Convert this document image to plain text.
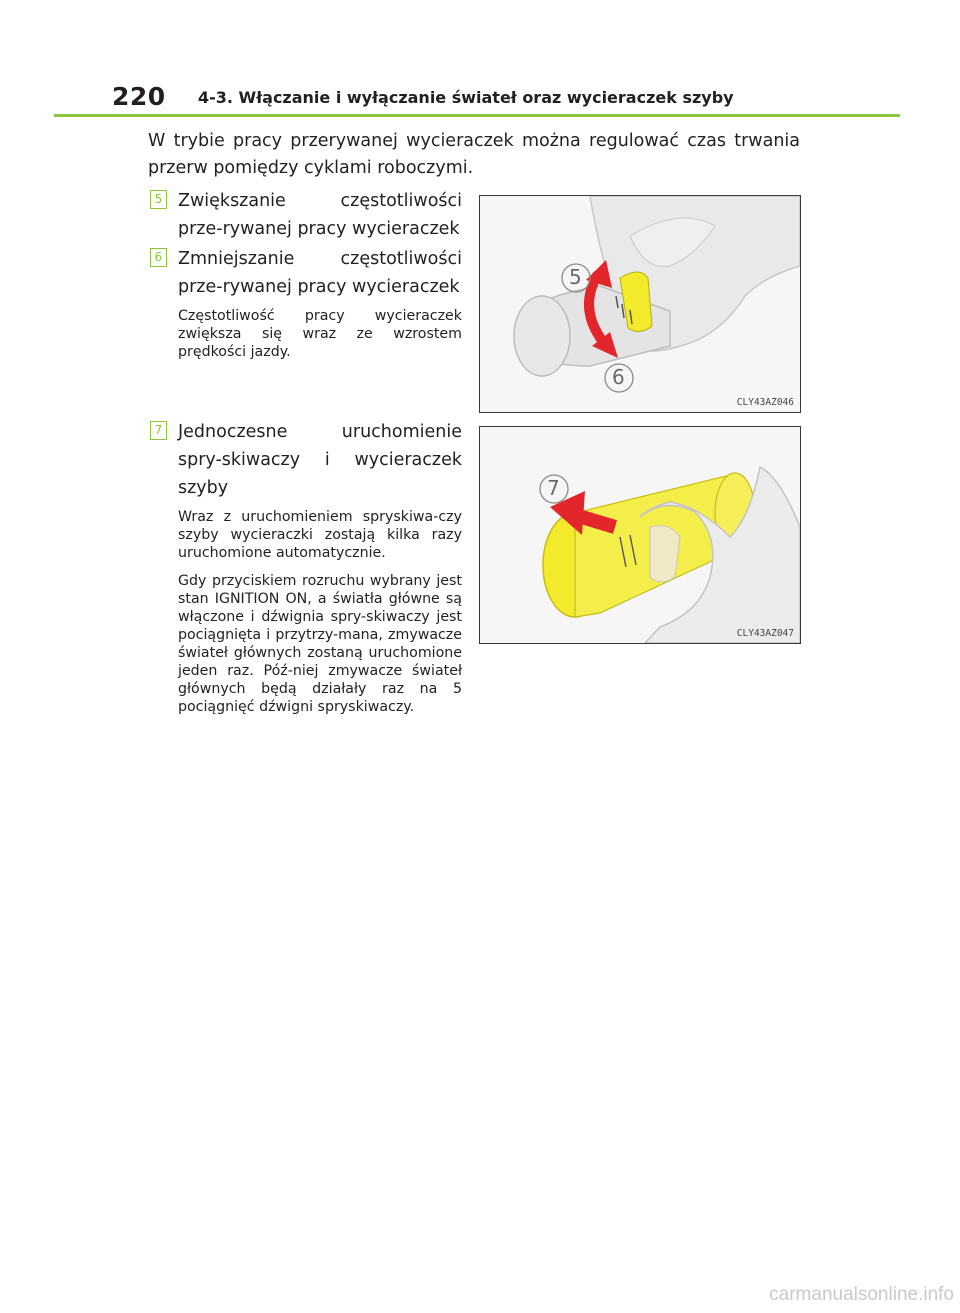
220 4-3. Włączanie i wyłączanie świateł oraz wycieraczek szyby
W trybie pracy przerywanej wycieraczek można regulować czas trwania przerw pomiędzy cyklami roboczymi.
5 Zwiększanie częstotliwości prze-rywanej pracy wycieraczek
6 Zmniejszanie częstotliwości prze-rywanej pracy wycieraczek
Częstotliwość pracy wycieraczek zwiększa się wraz ze wzrostem prędkości jazdy.
7 Jednoczesne uruchomienie spry-skiwaczy i wycieraczek szyby
Wraz z uruchomieniem spryskiwa-czy szyby wycieraczki zostają kilka razy uruchomione automatycznie.
Gdy przyciskiem rozruchu wybrany jest stan IGNITION ON, a światła główne są włączone i dźwignia spry-skiwaczy jest pociągnięta i przytrzy-mana, zmywacze świateł głównych zostaną uruchomione jeden raz. Póź-niej zmywacze świateł głównych będą działały raz na 5 pociągnięć dźwigni spryskiwaczy.
5
6
CLY43AZ046
7
CLY43AZ047
carmanualsonline.info
